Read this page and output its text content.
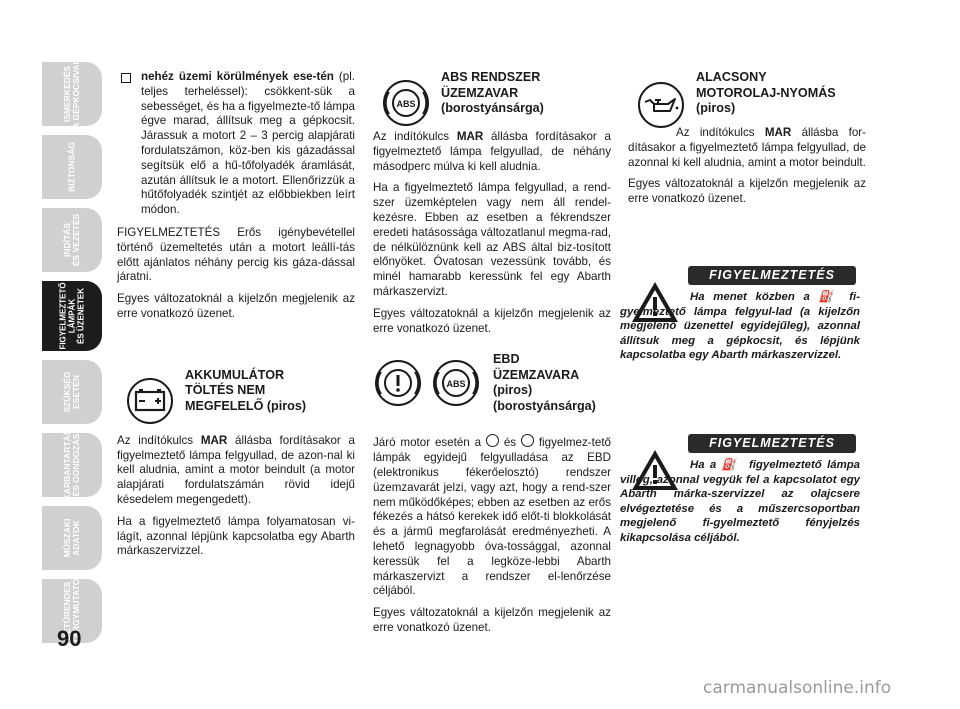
ISMERKEDÉS
A GÉPKOCSIVAL
BIZTONSÁG
INDÍTÁS
ÉS VEZETÉS
FIGYELMEZTETŐ
LÁMPÁK
ÉS ÜZENETEK
SZÜKSÉG
ESETÉN
KARBANTARTÁS
ÉS GONDOZÁS
MŰSZAKI
ADATOK
BETŰRENDES
TÁRGYMUTATÓ
90
nehéz üzemi körülmények ese-tén (pl. teljes terheléssel): csökkent-sük a sebességet, és ha a figyelmezte-tő lámpa égve marad, állítsuk meg a gépkocsit. Járassuk a motort 2 – 3 percig alapjárati fordulatszámon, köz-ben kis gázadással segítsük elő a hű-tőfolyadék áramlását, azután állítsuk le a motort. Ellenőrizzük a hűtőfolyadék szintjét az előbbiekben leírt módon.

FIGYELMEZTETÉS Erős igénybevétellel történő üzemeltetés után a motort leállí-tás előtt ajánlatos néhány percig kis gáza-dással járatni.

Egyes változatoknál a kijelzőn megjelenik az erre vonatkozó üzenet.

AKKUMULÁTOR
TÖLTÉS NEM
MEGFELELŐ (piros)

Az indítókulcs MAR állásba fordításakor a figyelmeztető lámpa felgyullad, de azon-nal ki kell aludnia, amint a motor beindult (a motor alapjárati fordulatszámán rövid idejű késedelem megengedett).

Ha a figyelmeztető lámpa folyamatosan vi-lágít, azonnal lépjünk kapcsolatba egy Abarth márkaszervizzel.

ABS
ABS RENDSZER
ÜZEMZAVAR
(borostyánsárga)

Az indítókulcs MAR állásba fordításakor a figyelmeztető lámpa felgyullad, de néhány másodperc múlva ki kell aludnia.

Ha a figyelmeztető lámpa felgyullad, a rend-szer üzemképtelen vagy nem áll rendel-kezésre. Ebben az esetben a fékrendszer eredeti hatásossága változatlanul megma-rad, de nélkülöznünk kell az ABS által biz-tosított előnyöket. Óvatosan vezessünk tovább, és minél hamarabb keressünk fel egy Abarth márkaszervizt.

Egyes változatoknál a kijelzőn megjelenik az erre vonatkozó üzenet.

ABS
EBD
ÜZEMZAVARA
(piros)
(borostyánsárga)

Járó motor esetén a  és  figyelmez-tető lámpák egyidejű felgyulladása az EBD (elektronikus fékerőelosztó) rendszer üzemzavarát jelzi, vagy azt, hogy a rend-szer nem működőképes; ebben az esetben az erős fékezés a hátsó kerekek idő előt-ti blokkolását és a jármű megfarolását eredményezheti. A lehető legnagyobb óva-tossággal, azonnal keressük fel a legköze-lebbi Abarth márkaszervizt a rendszer el-lenőrzése céljából.

Egyes változatoknál a kijelzőn megjelenik az erre vonatkozó üzenet.

ALACSONY
MOTOROLAJ-NYOMÁS
(piros)

Az indítókulcs MAR állásba for-dításakor a figyelmeztető lámpa felgyullad, de azonnal ki kell aludnia, amint a motor beindult.

Egyes változatoknál a kijelzőn megjelenik az erre vonatkozó üzenet.

FIGYELMEZTETÉS
Ha menet közben a ⛽ fi-gyelmeztető lámpa felgyul-lad (a kijelzőn megjelenő üzenettel egyidejűleg), azonnal állítsuk meg a gépkocsit, és lépjünk kapcsolatba egy Abarth márkaszervizzel.
FIGYELMEZTETÉS
Ha a ⛽ figyelmeztető lámpa villog, azonnal vegyük fel a kapcsolatot egy Abarth márka-szervizzel az olajcsere elvégeztetése és a műszercsoportban megjelenő fi-gyelmeztető fényjelzés kikapcsolása céljából.
carmanualsonline.info
